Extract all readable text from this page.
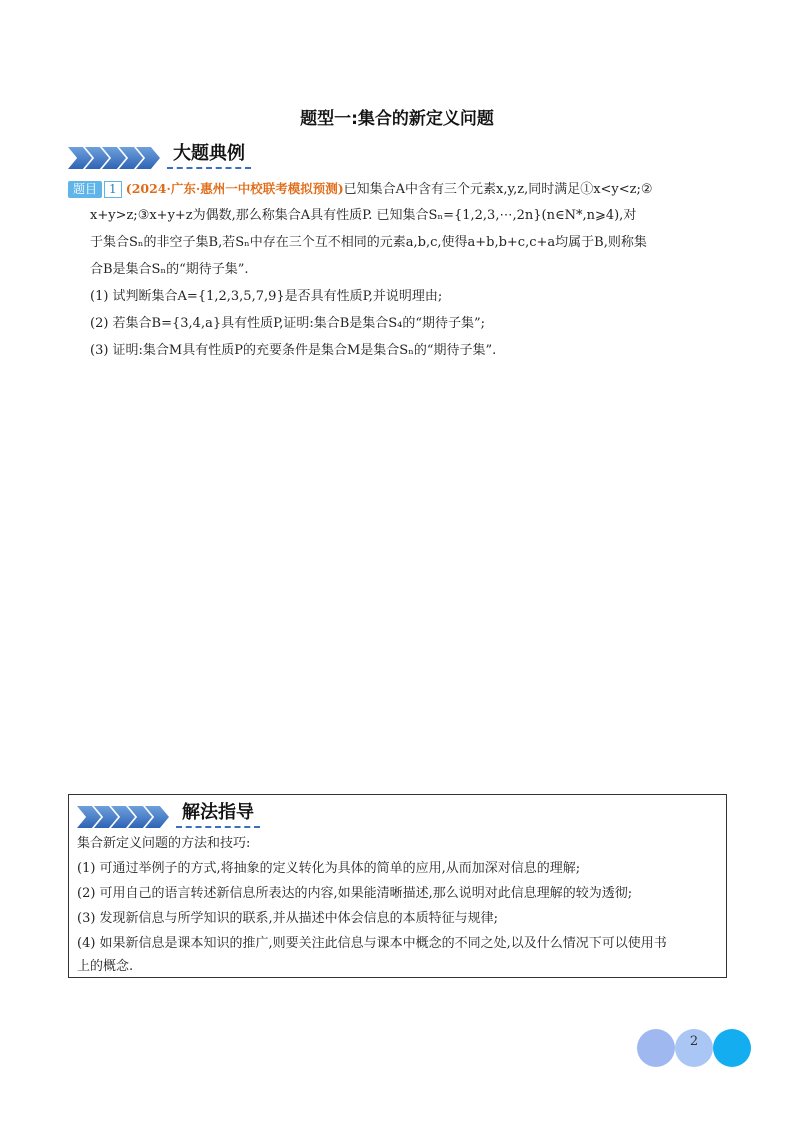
题型一:集合的新定义问题
大题典例
题目 1 (2024·广东·惠州一中校联考模拟预测)已知集合A中含有三个元素x,y,z,同时满足①x<y<z;②
x+y>z;③x+y+z为偶数,那么称集合A具有性质P. 已知集合Sₙ={1,2,3,⋯,2n}(n∈N*,n⩾4),对
于集合Sₙ的非空子集B,若Sₙ中存在三个互不相同的元素a,b,c,使得a+b,b+c,c+a均属于B,则称集
合B是集合Sₙ的“期待子集”.
(1) 试判断集合A={1,2,3,5,7,9}是否具有性质P,并说明理由;
(2) 若集合B={3,4,a}具有性质P,证明:集合B是集合S₄的“期待子集”;
(3) 证明:集合M具有性质P的充要条件是集合M是集合Sₙ的“期待子集”.
解法指导
集合新定义问题的方法和技巧:
(1) 可通过举例子的方式,将抽象的定义转化为具体的简单的应用,从而加深对信息的理解;
(2) 可用自己的语言转述新信息所表达的内容,如果能清晰描述,那么说明对此信息理解的较为透彻;
(3) 发现新信息与所学知识的联系,并从描述中体会信息的本质特征与规律;
(4) 如果新信息是课本知识的推广,则要关注此信息与课本中概念的不同之处,以及什么情况下可以使用书
上的概念.
2
